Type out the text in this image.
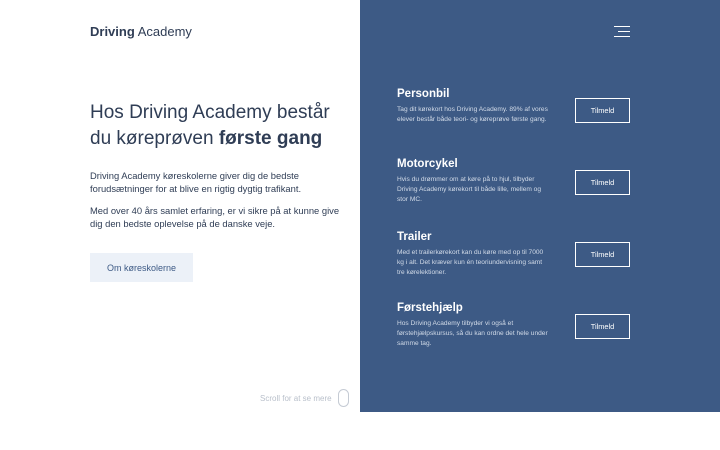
Driving Academy
Hos Driving Academy består du køreprøven første gang

Driving Academy køreskolerne giver dig de bedste forudsætninger for at blive en rigtig dygtig trafikant.

Med over 40 års samlet erfaring, er vi sikre på at kunne give dig den bedste oplevelse på de danske veje.

Om køreskolerne
Scroll for at se mere
Personbil
Tag dit kørekort hos Driving Academy. 89% af vores elever består både teori- og køreprøve første gang.
Tilmeld
Motorcykel
Hvis du drømmer om at køre på to hjul, tilbyder Driving Academy kørekort til både lille, mellem og stor MC.
Tilmeld
Trailer
Med et trailerkørekort kan du køre med op til 7000 kg i alt. Det kræver kun én teoriundervisning samt tre kørelektioner.
Tilmeld
Førstehjælp
Hos Driving Academy tilbyder vi også et førstehjælpskursus, så du kan ordne det hele under samme tag.
Tilmeld
